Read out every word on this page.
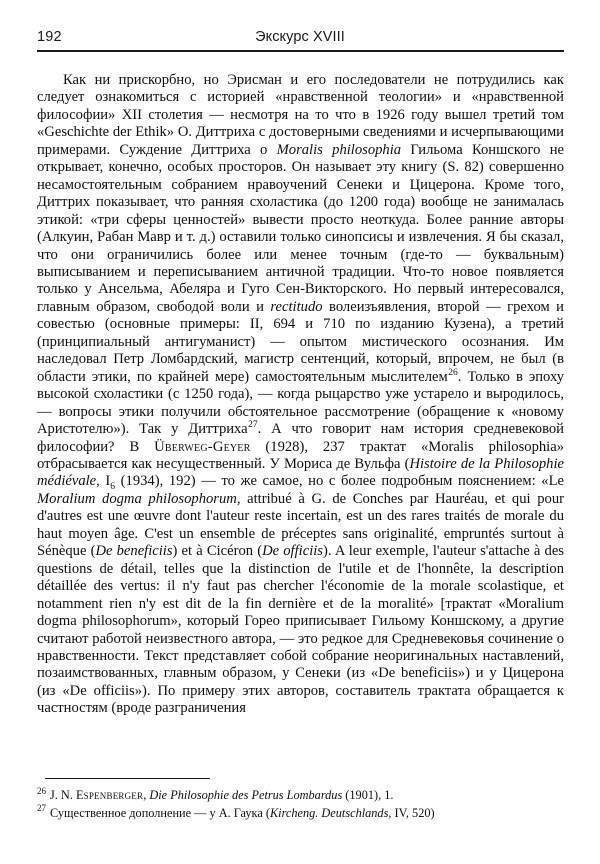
192	Экскурс XVIII

Как ни прискорбно, но Эрисман и его последователи не потрудились как следует ознакомиться с историей «нравственной теологии» и «нравственной философии» XII столетия — несмотря на то что в 1926 году вышел третий том «Geschichte der Ethik» О. Диттриха с достоверными сведениями и исчерпывающими примерами. Суждение Диттриха о Moralis philosophia Гильома Коншского не открывает, конечно, особых просторов. Он называет эту книгу (S. 82) совершенно несамостоятельным собранием нравоучений Сенеки и Цицерона. Кроме того, Диттрих показывает, что ранняя схоластика (до 1200 года) вообще не занималась этикой: «три сферы ценностей» вывести просто неоткуда. Более ранние авторы (Алкуин, Рабан Мавр и т. д.) оставили только синопсисы и извлечения. Я бы сказал, что они ограничились более или менее точным (где-то — буквальным) выписыванием и переписыванием античной традиции. Что-то новое появляется только у Ансельма, Абеляра и Гуго Сен-Викторского. Но первый интересовался, главным образом, свободой воли и rectitudo волеизъявления, второй — грехом и совестью (основные примеры: II, 694 и 710 по изданию Кузена), а третий (принципиальный антигуманист) — опытом мистического осознания. Им наследовал Петр Ломбардский, магистр сентенций, который, впрочем, не был (в области этики, по крайней мере) самостоятельным мыслителем$^{26}$. Только в эпоху высокой схоластики (с 1250 года), — когда рыцарство уже устарело и выродилось, — вопросы этики получили обстоятельное рассмотрение (обращение к «новому Аристотелю»). Так у Диттриха$^{27}$. А что говорит нам история средневековой философии? В Überweg-Geyer (1928), 237 трактат «Moralis philosophia» отбрасывается как несущественный. У Мориса де Вульфа (Histoire de la Philosophie médiévale, $I_6$ (1934), 192) — то же самое, но с более подробным пояснением: «Le Moralium dogma philosophorum, attribué à G. de Conches par Hauréau, et qui pour d'autres est une œuvre dont l'auteur reste incertain, est un des rares traités de morale du haut moyen âge. C'est un ensemble de préceptes sans originalité, empruntés surtout à Sénèque (De beneficiis) et à Cicéron (De officiis). A leur exemple, l'auteur s'attache à des questions de détail, telles que la distinction de l'utile et de l'honnête, la description détaillée des vertus: il n'y faut pas chercher l'économie de la morale scolastique, et notamment rien n'y est dit de la fin dernière et de la moralité» [трактат «Moralium dogma philosophorum», который Горео приписывает Гильому Коншскому, а другие считают работой неизвестного автора, — это редкое для Средневековья сочинение о нравственности. Текст представляет собой собрание неоригинальных наставлений, позаимствованных, главным образом, у Сенеки (из «De beneficiis») и у Цицерона (из «De officiis»). По примеру этих авторов, составитель трактата обращается к частностям (вроде разграничения

$^{26}$ J. N. Espenberger, Die Philosophie des Petrus Lombardus (1901), 1.

$^{27}$ Существенное дополнение — у А. Гаука (Kircheng. Deutschlands, IV, 520)
